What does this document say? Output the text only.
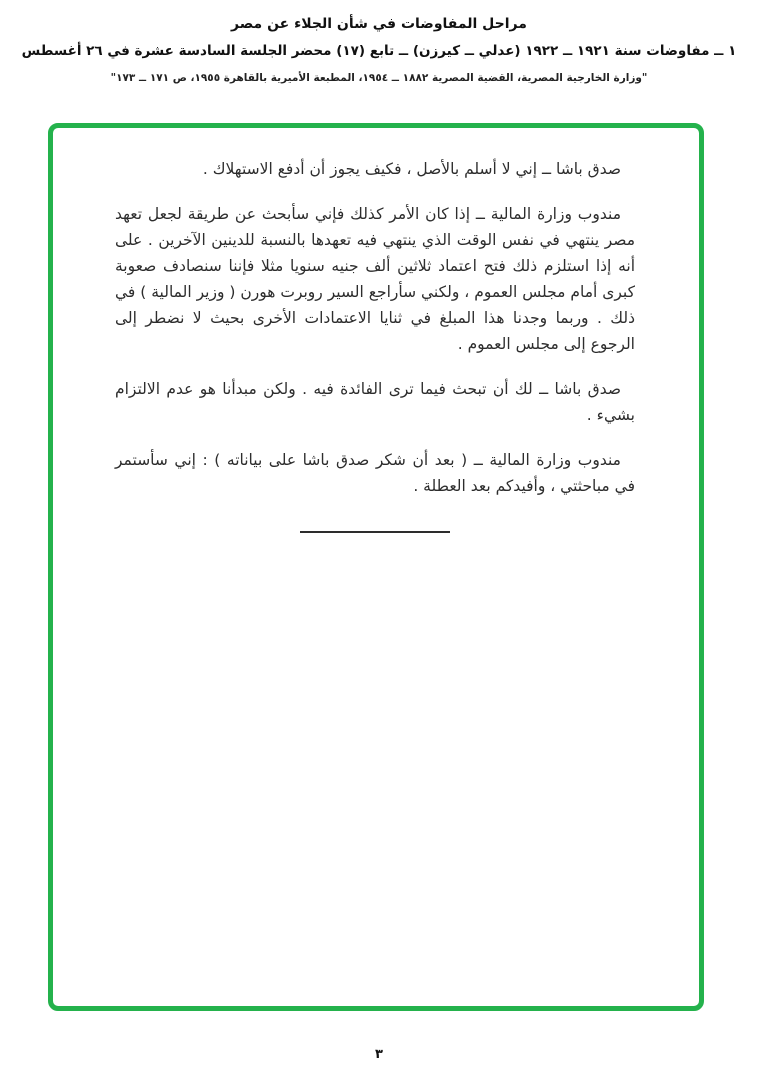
مراحل المفاوضات في شأن الجلاء عن مصر
١ ــ مفاوضات سنة ١٩٢١ ــ ١٩٢٢ (عدلي ــ كيرزن) ــ تابع (١٧) محضر الجلسة السادسة عشرة في ٢٦ أغسطس
"وزارة الخارجية المصرية، القضية المصرية ١٨٨٢ ــ ١٩٥٤، المطبعة الأميرية بالقاهرة ١٩٥٥، ص ١٧١ ــ ١٧٣"

صدق باشا ــ إني لا أسلم بالأصل ، فكيف يجوز أن أدفع الاستهلاك .

مندوب وزارة المالية ــ إذا كان الأمر كذلك فإني سأبحث عن طريقة لجعل تعهد مصر ينتهي في نفس الوقت الذي ينتهي فيه تعهدها بالنسبة للدينين الآخرين . على أنه إذا استلزم ذلك فتح اعتماد ثلاثين ألف جنيه سنويا مثلا فإننا سنصادف صعوبة كبرى أمام مجلس العموم ، ولكني سأراجع السير روبرت هورن ( وزير المالية ) في ذلك . وربما وجدنا هذا المبلغ في ثنايا الاعتمادات الأخرى بحيث لا نضطر إلى الرجوع إلى مجلس العموم .

صدق باشا ــ لك أن تبحث فيما ترى الفائدة فيه . ولكن مبدأنا هو عدم الالتزام بشيء .

مندوب وزارة المالية ــ ( بعد أن شكر صدق باشا على بياناته ) : إني سأستمر في مباحثتي ، وأفيدكم بعد العطلة .

٣
